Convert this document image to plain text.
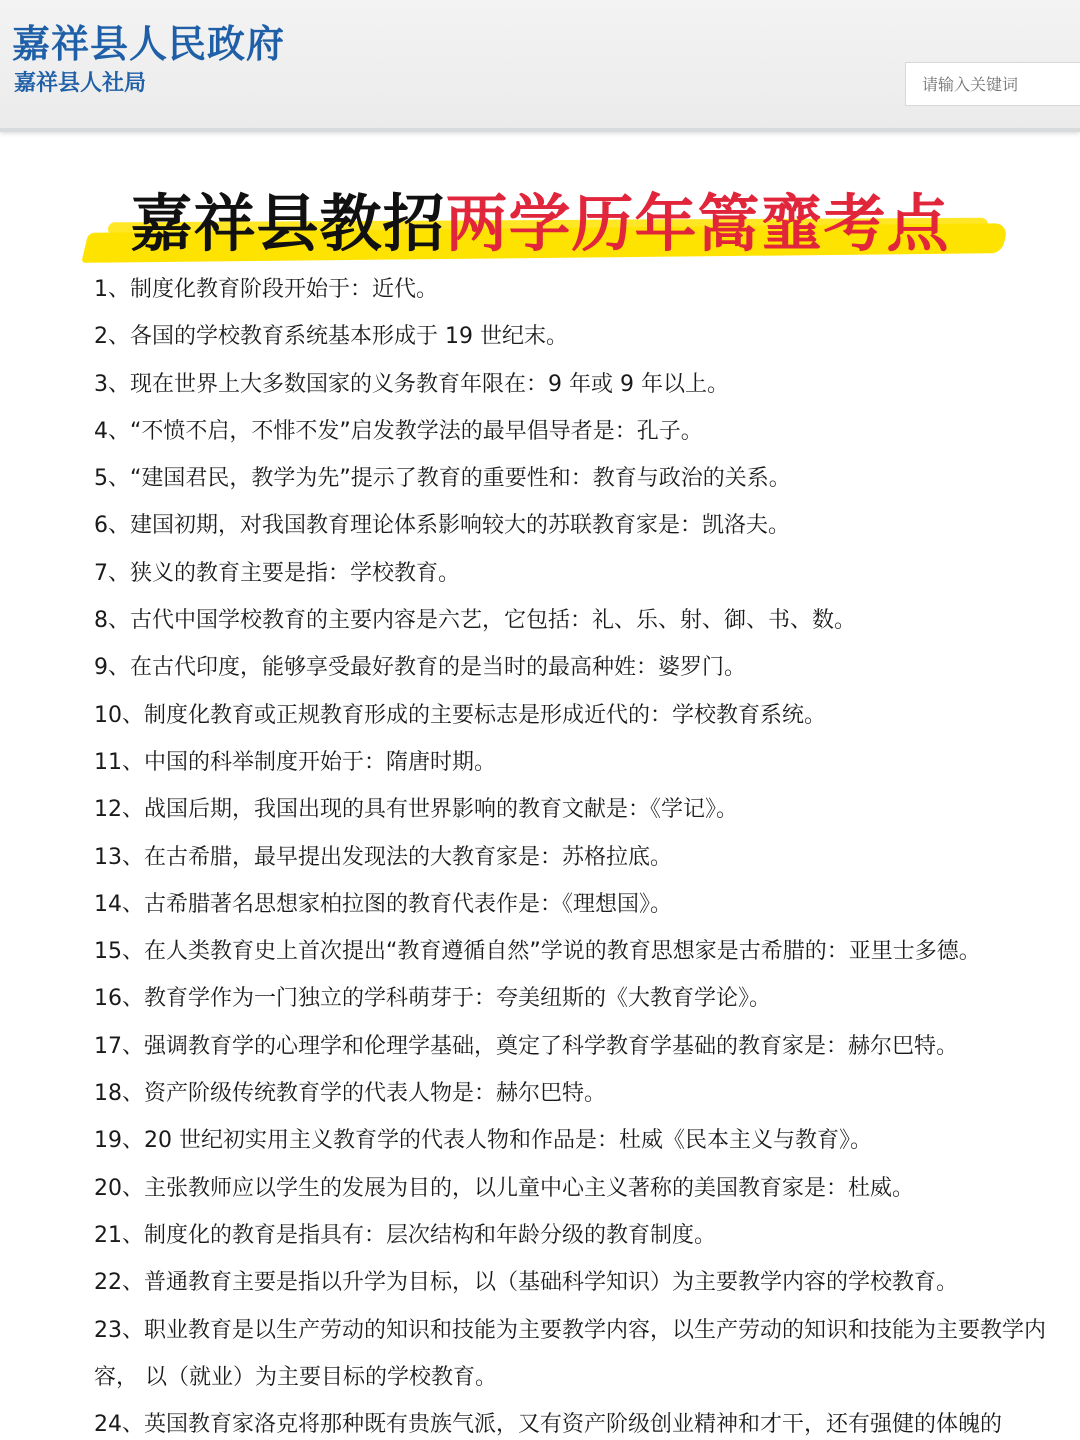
嘉祥县人民政府
嘉祥县人社局
请输入关键词
嘉祥县教招两学历年篙韲考点
1、制度化教育阶段开始于：近代。
2、各国的学校教育系统基本形成于 19 世纪末。
3、现在世界上大多数国家的义务教育年限在：9 年或 9 年以上。
4、“不愤不启，不悱不发”启发教学法的最早倡导者是：孔子。
5、“建国君民，教学为先”提示了教育的重要性和：教育与政治的关系。
6、建国初期，对我国教育理论体系影响较大的苏联教育家是：凯洛夫。
7、狭义的教育主要是指：学校教育。
8、古代中国学校教育的主要内容是六艺，它包括：礼、乐、射、御、书、数。
9、在古代印度，能够享受最好教育的是当时的最高种姓：婆罗门。
10、制度化教育或正规教育形成的主要标志是形成近代的：学校教育系统。
11、中国的科举制度开始于：隋唐时期。
12、战国后期，我国出现的具有世界影响的教育文献是：《学记》。
13、在古希腊，最早提出发现法的大教育家是：苏格拉底。
14、古希腊著名思想家柏拉图的教育代表作是：《理想国》。
15、在人类教育史上首次提出“教育遵循自然”学说的教育思想家是古希腊的：亚里士多德。
16、教育学作为一门独立的学科萌芽于：夸美纽斯的《大教育学论》。
17、强调教育学的心理学和伦理学基础，奠定了科学教育学基础的教育家是：赫尔巴特。
18、资产阶级传统教育学的代表人物是：赫尔巴特。
19、20 世纪初实用主义教育学的代表人物和作品是：杜威《民本主义与教育》。
20、主张教师应以学生的发展为目的，以儿童中心主义著称的美国教育家是：杜威。
21、制度化的教育是指具有：层次结构和年龄分级的教育制度。
22、普通教育主要是指以升学为目标，以（基础科学知识）为主要教学内容的学校教育。
23、职业教育是以生产劳动的知识和技能为主要教学内容，以生产劳动的知识和技能为主要教学内容， 以（就业）为主要目标的学校教育。
24、英国教育家洛克将那种既有贵族气派，又有资产阶级创业精神和才干，还有强健的体魄的
